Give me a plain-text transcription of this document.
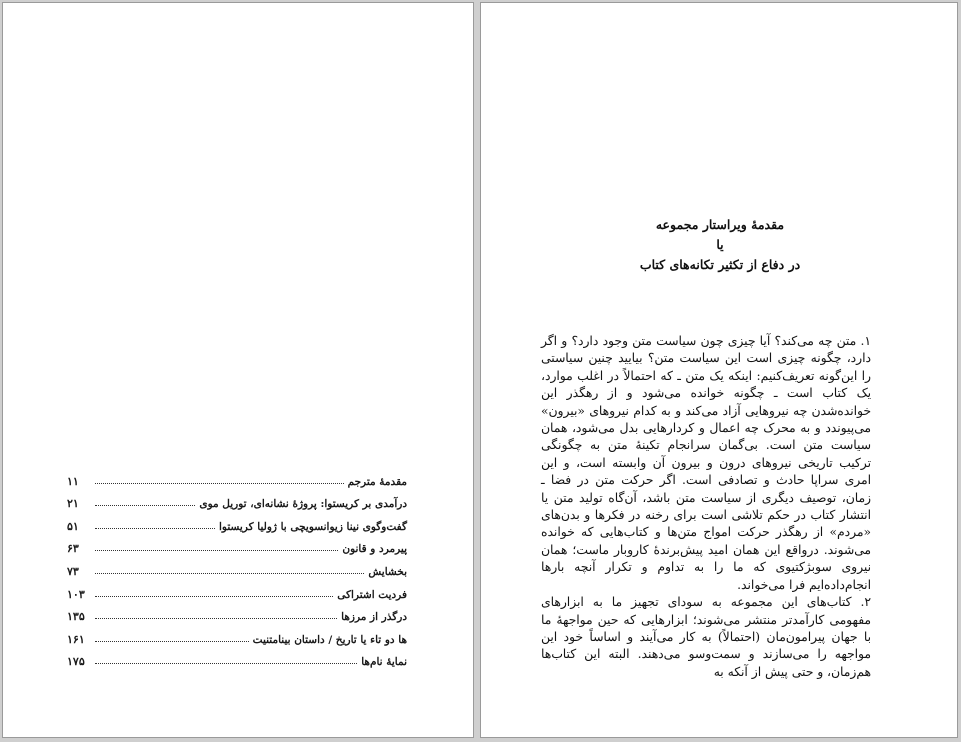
مقدمهٔ مترجم
۱۱
درآمدی بر کریستوا: پروژهٔ نشانه‌ای، توریل موی
۲۱
گفت‌وگوی نینا زیوانسویچی با ژولیا کریستوا
۵۱
پیرمرد و قانون
۶۳
بخشایش
۷۳
فردیت اشتراکی
۱۰۳
درگذر از مرزها
۱۳۵
ها دو تاء یا تاریخ / داستان بینامتنیت
۱۶۱
نمایهٔ نام‌ها
۱۷۵
مقدمهٔ ویراستار مجموعه
یا
در دفاع از تکثیر تکانه‌های کتاب

۱. متن چه می‌کند؟ آیا چیزی چون سیاست متن وجود دارد؟ و اگر دارد، چگونه چیزی است این سیاست متن؟ بیایید چنین سیاستی را این‌گونه تعریف‌کنیم: اینکه یک متن ـ که احتمالاً در اغلب موارد، یک کتاب است ـ چگونه خوانده می‌شود و از رهگذر این خوانده‌شدن چه نیروهایی آزاد می‌کند و به کدام نیروهای «بیرون» می‌پیوندد و به محرک چه اعمال و کردارهایی بدل می‌شود، همان سیاست متن است. بی‌گمان سرانجام تکینهٔ متن به چگونگی ترکیب تاریخی نیروهای درون و بیرون آن وابسته است، و این امری سراپا حادث و تصادفی است. اگر حرکت متن در فضا ـ زمان، توصیف دیگری از سیاست متن باشد، آن‌گاه تولید متن یا انتشار کتاب در حکم تلاشی است برای رخنه در فکرها و بدن‌های «مردم» از رهگذر حرکت امواج متن‌ها و کتاب‌هایی که خوانده می‌شوند. درواقع این همان امید پیش‌برندهٔ کاروبار ماست؛ همان نیروی سوبژکتیوی که ما را به تداوم و تکرار آنچه بارها انجام‌داده‌ایم فرا می‌خواند.

۲. کتاب‌های این مجموعه به سودای تجهیز ما به ابزارهای مفهومی کارآمدتر منتشر می‌شوند؛ ابزارهایی که حین مواجههٔ ما با جهان پیرامون‌مان (احتمالاً) به کار می‌آیند و اساساً خود این مواجهه را می‌سازند و سمت‌وسو می‌دهند. البته این کتاب‌ها هم‌زمان، و حتی پیش از آنکه به
